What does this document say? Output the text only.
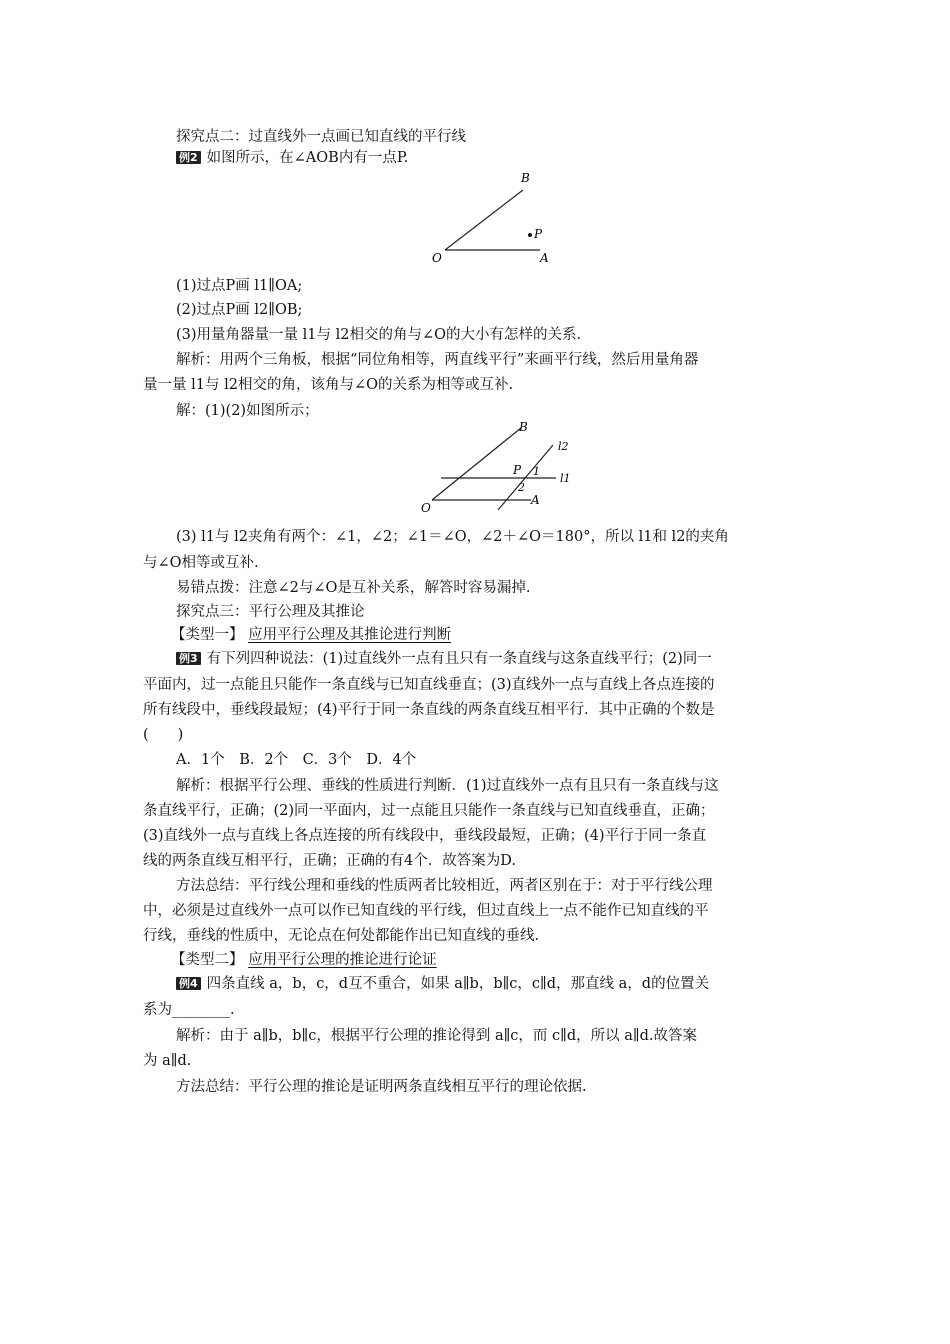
探究点二：过直线外一点画已知直线的平行线
例2 如图所示，在∠AOB内有一点P.
B
P
O	A
(1)过点P画 l1∥OA;
(2)过点P画 l2∥OB;
(3)用量角器量一量 l1与 l2相交的角与∠O的大小有怎样的关系.
解析：用两个三角板，根据“同位角相等，两直线平行”来画平行线，然后用量角器
量一量 l1与 l2相交的角，该角与∠O的关系为相等或互补.
解：(1)(2)如图所示；
B
l2
P 1
l1
2
O
A
(3) l1与 l2夹角有两个：∠1，∠2；∠1＝∠O，∠2＋∠O＝180°，所以 l1和 l2的夹角
与∠O相等或互补.
易错点拨：注意∠2与∠O是互补关系，解答时容易漏掉.
探究点三：平行公理及其推论
【类型一】 应用平行公理及其推论进行判断
例3 有下列四种说法：(1)过直线外一点有且只有一条直线与这条直线平行；(2)同一
平面内，过一点能且只能作一条直线与已知直线垂直；(3)直线外一点与直线上各点连接的
所有线段中，垂线段最短；(4)平行于同一条直线的两条直线互相平行．其中正确的个数是
(　　)
A．1个　B．2个　C．3个　D．4个
解析：根据平行公理、垂线的性质进行判断．(1)过直线外一点有且只有一条直线与这
条直线平行，正确；(2)同一平面内，过一点能且只能作一条直线与已知直线垂直，正确；
(3)直线外一点与直线上各点连接的所有线段中，垂线段最短，正确；(4)平行于同一条直
线的两条直线互相平行，正确；正确的有4个．故答案为D.
方法总结：平行线公理和垂线的性质两者比较相近，两者区别在于：对于平行线公理
中，必须是过直线外一点可以作已知直线的平行线，但过直线上一点不能作已知直线的平
行线，垂线的性质中，无论点在何处都能作出已知直线的垂线.
【类型二】 应用平行公理的推论进行论证
例4 四条直线 a，b，c，d互不重合，如果 a∥b，b∥c，c∥d，那直线 a，d的位置关
系为________.
解析：由于 a∥b，b∥c，根据平行公理的推论得到 a∥c，而 c∥d，所以 a∥d.故答案
为 a∥d.
方法总结：平行公理的推论是证明两条直线相互平行的理论依据.
